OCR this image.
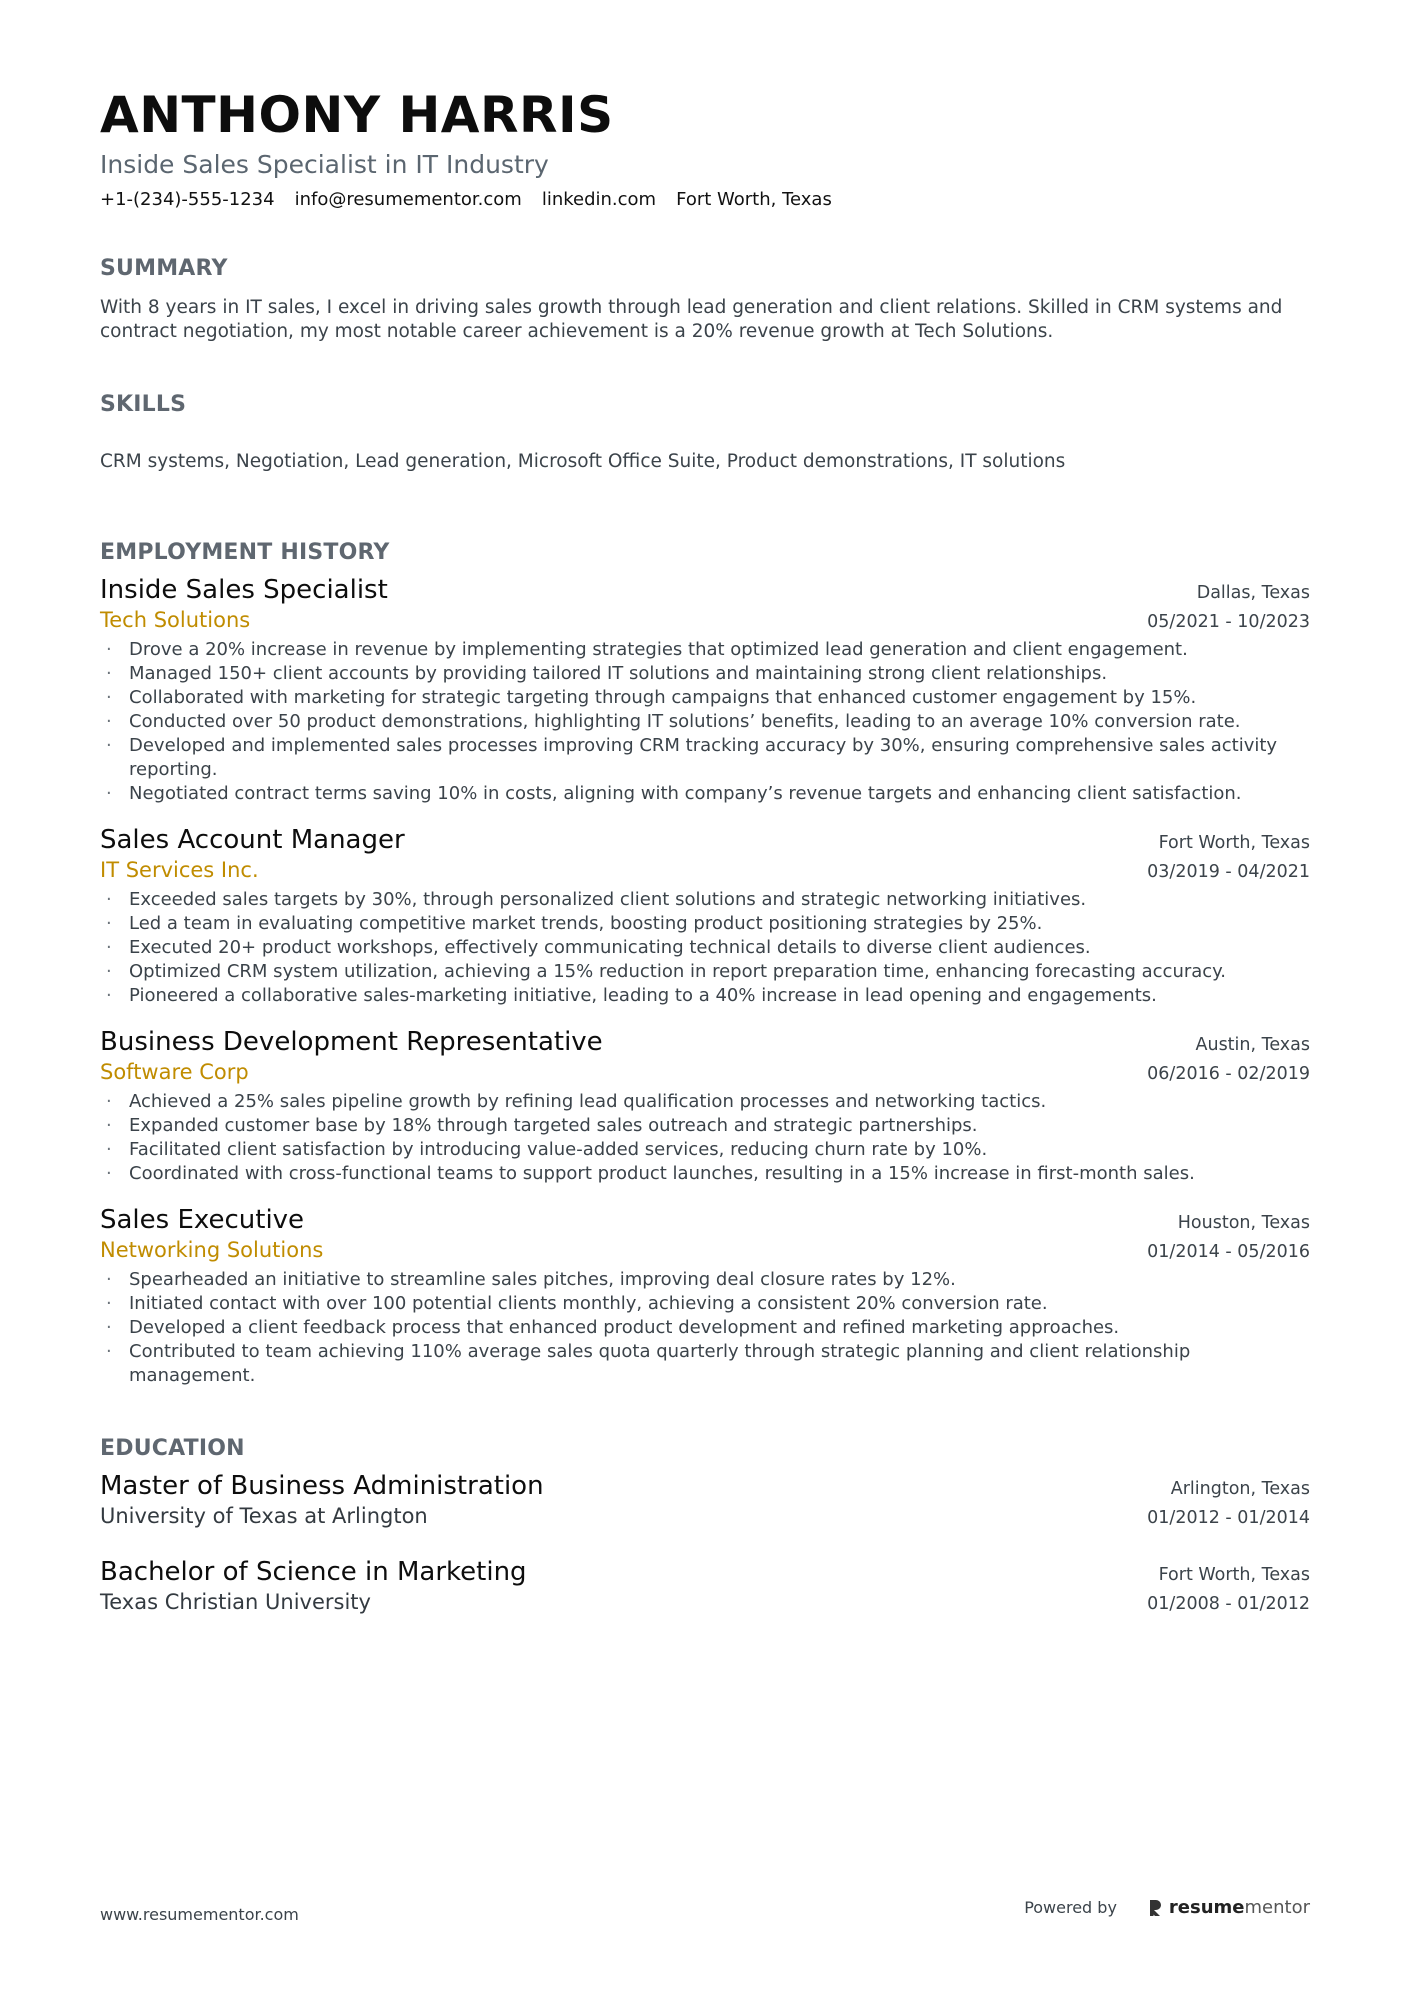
ANTHONY HARRIS
Inside Sales Specialist in IT Industry
+1-(234)-555-1234 info@resumementor.com linkedin.com Fort Worth, Texas
SUMMARY
With 8 years in IT sales, I excel in driving sales growth through lead generation and client relations. Skilled in CRM systems and contract negotiation, my most notable career achievement is a 20% revenue growth at Tech Solutions.
SKILLS
CRM systems, Negotiation, Lead generation, Microsoft Office Suite, Product demonstrations, IT solutions
EMPLOYMENT HISTORY
Inside Sales Specialist	Dallas, Texas
Tech Solutions	05/2021 - 10/2023
· Drove a 20% increase in revenue by implementing strategies that optimized lead generation and client engagement.
· Managed 150+ client accounts by providing tailored IT solutions and maintaining strong client relationships.
· Collaborated with marketing for strategic targeting through campaigns that enhanced customer engagement by 15%.
· Conducted over 50 product demonstrations, highlighting IT solutions’ benefits, leading to an average 10% conversion rate.
· Developed and implemented sales processes improving CRM tracking accuracy by 30%, ensuring comprehensive sales activity reporting.
· Negotiated contract terms saving 10% in costs, aligning with company’s revenue targets and enhancing client satisfaction.
Sales Account Manager	Fort Worth, Texas
IT Services Inc.	03/2019 - 04/2021
· Exceeded sales targets by 30%, through personalized client solutions and strategic networking initiatives.
· Led a team in evaluating competitive market trends, boosting product positioning strategies by 25%.
· Executed 20+ product workshops, effectively communicating technical details to diverse client audiences.
· Optimized CRM system utilization, achieving a 15% reduction in report preparation time, enhancing forecasting accuracy.
· Pioneered a collaborative sales-marketing initiative, leading to a 40% increase in lead opening and engagements.
Business Development Representative	Austin, Texas
Software Corp	06/2016 - 02/2019
· Achieved a 25% sales pipeline growth by refining lead qualification processes and networking tactics.
· Expanded customer base by 18% through targeted sales outreach and strategic partnerships.
· Facilitated client satisfaction by introducing value-added services, reducing churn rate by 10%.
· Coordinated with cross-functional teams to support product launches, resulting in a 15% increase in first-month sales.
Sales Executive	Houston, Texas
Networking Solutions	01/2014 - 05/2016
· Spearheaded an initiative to streamline sales pitches, improving deal closure rates by 12%.
· Initiated contact with over 100 potential clients monthly, achieving a consistent 20% conversion rate.
· Developed a client feedback process that enhanced product development and refined marketing approaches.
· Contributed to team achieving 110% average sales quota quarterly through strategic planning and client relationship management.
EDUCATION
Master of Business Administration	Arlington, Texas
University of Texas at Arlington	01/2012 - 01/2014
Bachelor of Science in Marketing	Fort Worth, Texas
Texas Christian University	01/2008 - 01/2012
www.resumementor.com	Powered by	resumementor
